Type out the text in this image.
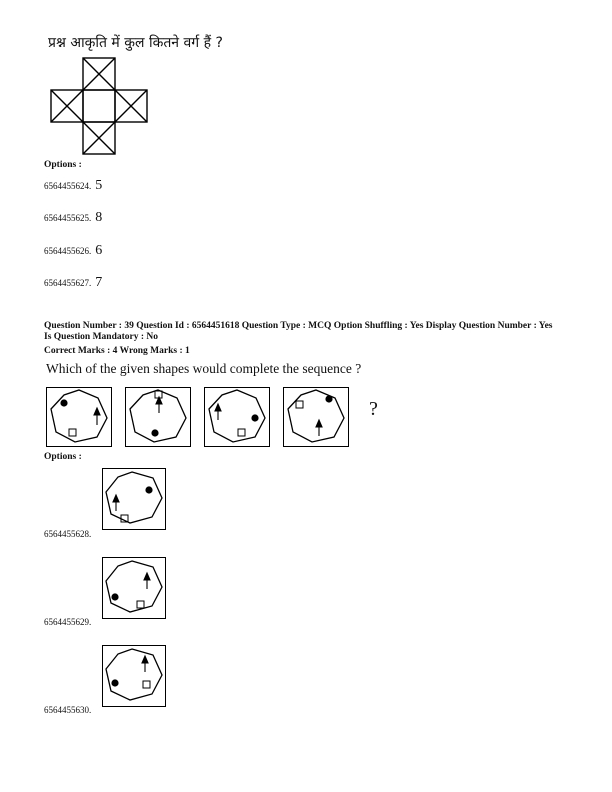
प्रश्न आकृति में कुल कितने वर्ग हैं ?
Options :
6564455624. 5
6564455625. 8
6564455626. 6
6564455627. 7
Question Number : 39 Question Id : 6564451618 Question Type : MCQ Option Shuffling : Yes Display Question Number : Yes
Is Question Mandatory : No
Correct Marks : 4 Wrong Marks : 1
Which of the given shapes would complete the sequence ?
?
Options :
6564455628.
6564455629.
6564455630.
